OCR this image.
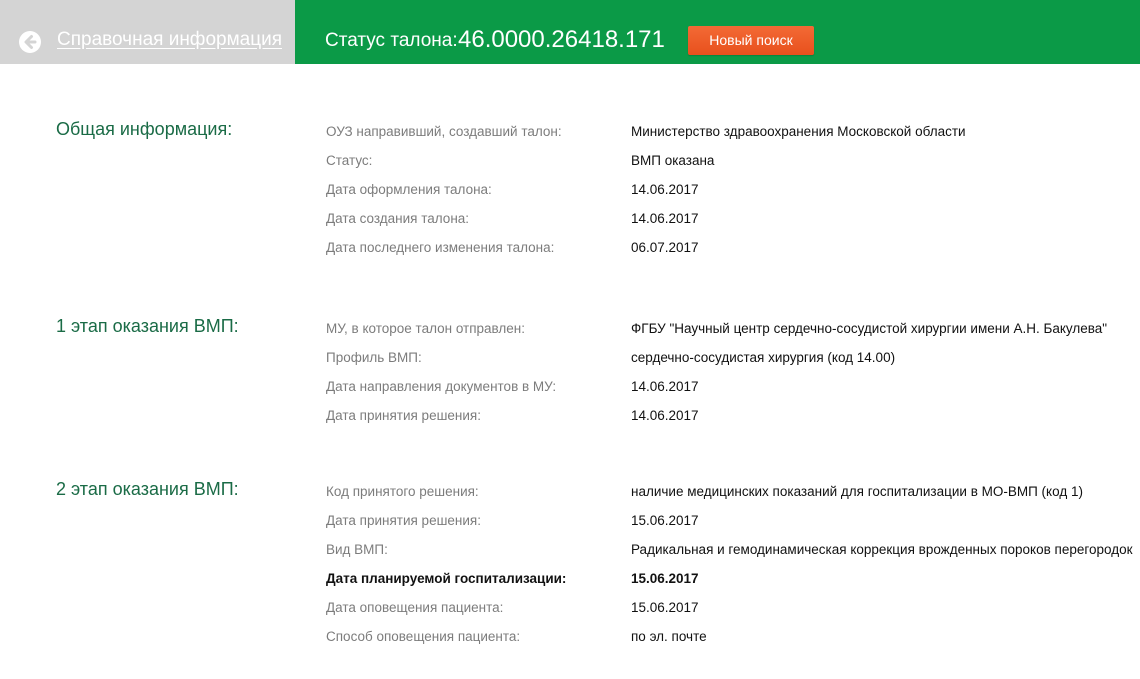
Справочная информация Статус талона: 46.0000.26418.171	Новый поиск
Общая информация:	ОУЗ направивший, создавший талон:	Министерство здравоохранения Московской области
Статус:	ВМП оказана
Дата оформления талона:	14.06.2017
Дата создания талона:	14.06.2017
Дата последнего изменения талона:	06.07.2017
1 этап оказания ВМП:	МУ, в которое талон отправлен:	ФГБУ "Научный центр сердечно-сосудистой хирургии имени А.Н. Бакулева"
Профиль ВМП:	сердечно-сосудистая хирургия (код 14.00)
Дата направления документов в МУ:	14.06.2017
Дата принятия решения:	14.06.2017
2 этап оказания ВМП:	Код принятого решения:	наличие медицинских показаний для госпитализации в МО-ВМП (код 1)
Дата принятия решения:	15.06.2017
Вид ВМП:	Радикальная и гемодинамическая коррекция врожденных пороков перегородок
Дата планируемой госпитализации:	15.06.2017
Дата оповещения пациента:	15.06.2017
Способ оповещения пациента:	по эл. почте
